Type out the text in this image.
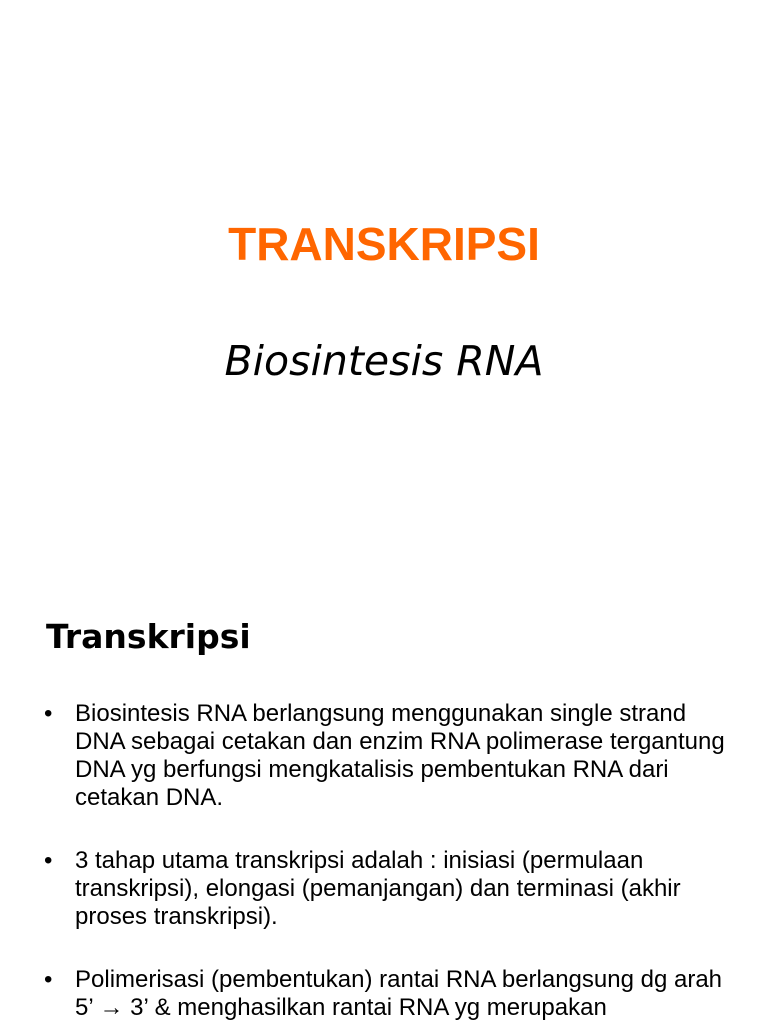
TRANSKRIPSI

Biosintesis RNA

Transkripsi
• Biosintesis RNA berlangsung menggunakan single strand DNA sebagai cetakan dan enzim RNA polimerase tergantung DNA yg berfungsi mengkatalisis pembentukan RNA dari cetakan DNA.
• 3 tahap utama transkripsi adalah : inisiasi (permulaan transkripsi), elongasi (pemanjangan) dan terminasi (akhir proses transkripsi).
• Polimerisasi (pembentukan) rantai RNA berlangsung dg arah 5’ → 3’ & menghasilkan rantai RNA yg merupakan
